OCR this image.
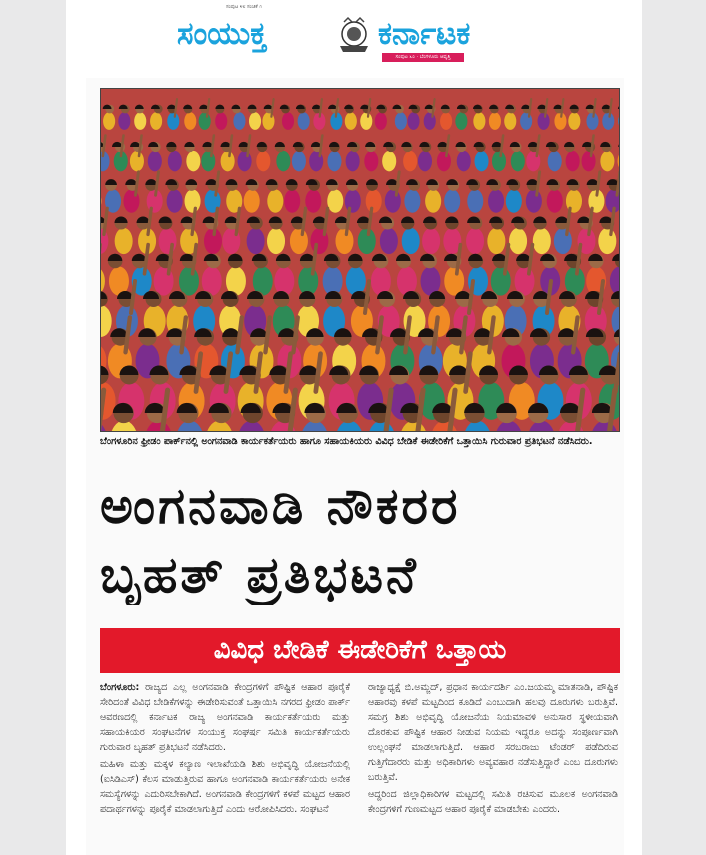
ಸಂಪುಟ ೪೮ ಸಂಚಿಕೆ ೧
ಸಂಯುಕ್ತ	ಕರ್ನಾಟಕ
ಸಂಪುಟ ೬೦ · ಬೆಂಗಳೂರು ಆವೃತ್ತಿ
ಬೆಂಗಳೂರಿನ ಫ್ರೀಡಂ ಪಾರ್ಕ್‌ನಲ್ಲಿ ಅಂಗನವಾಡಿ ಕಾರ್ಯಕರ್ತೆಯರು ಹಾಗೂ ಸಹಾಯಕಿಯರು ವಿವಿಧ ಬೇಡಿಕೆ ಈಡೇರಿಕೆಗೆ ಒತ್ತಾಯಿಸಿ ಗುರುವಾರ ಪ್ರತಿಭಟನೆ ನಡೆಸಿದರು.
ಅಂಗನವಾಡಿ ನೌಕರರ
ಬೃಹತ್ ಪ್ರತಿಭಟನೆ
ವಿವಿಧ ಬೇಡಿಕೆ ಈಡೇರಿಕೆಗೆ ಒತ್ತಾಯ

ಬೆಂಗಳೂರು: ರಾಜ್ಯದ ಎಲ್ಲ ಅಂಗನವಾಡಿ ಕೇಂದ್ರಗಳಿಗೆ ಪೌಷ್ಟಿಕ ಆಹಾರ ಪೂರೈಕೆ ಸೇರಿದಂತೆ ವಿವಿಧ ಬೇಡಿಕೆಗಳನ್ನು ಈಡೇರಿಸುವಂತೆ ಒತ್ತಾಯಿಸಿ ನಗರದ ಫ್ರೀಡಂ ಪಾರ್ಕ್ ಆವರಣದಲ್ಲಿ ಕರ್ನಾಟಕ ರಾಜ್ಯ ಅಂಗನವಾಡಿ ಕಾರ್ಯಕರ್ತೆಯರು ಮತ್ತು ಸಹಾಯಕಿಯರ ಸಂಘಟನೆಗಳ ಸಂಯುಕ್ತ ಸಂಘರ್ಷ ಸಮಿತಿ ಕಾರ್ಯಕರ್ತೆಯರು ಗುರುವಾರ ಬೃಹತ್ ಪ್ರತಿಭಟನೆ ನಡೆಸಿದರು.

ಮಹಿಳಾ ಮತ್ತು ಮಕ್ಕಳ ಕಲ್ಯಾಣ ಇಲಾಖೆಯಡಿ ಶಿಶು ಅಭಿವೃದ್ಧಿ ಯೋಜನೆಯಲ್ಲಿ (ಐಸಿಡಿಎಸ್) ಕೆಲಸ ಮಾಡುತ್ತಿರುವ ಹಾಗೂ ಅಂಗನವಾಡಿ ಕಾರ್ಯಕರ್ತೆಯರು ಅನೇಕ ಸಮಸ್ಯೆಗಳನ್ನು ಎದುರಿಸಬೇಕಾಗಿದೆ. ಅಂಗನವಾಡಿ ಕೇಂದ್ರಗಳಿಗೆ ಕಳಪೆ ಮಟ್ಟದ ಆಹಾರ ಪದಾರ್ಥಗಳನ್ನು ಪೂರೈಕೆ ಮಾಡಲಾಗುತ್ತಿದೆ ಎಂದು ಆರೋಪಿಸಿದರು. ಸಂಘಟನೆ

ರಾಜ್ಯಾಧ್ಯಕ್ಷೆ ಬಿ.ಅಮ್ಜದ್, ಪ್ರಧಾನ ಕಾರ್ಯದರ್ಶಿ ಎಂ.ಜಯಮ್ಮ ಮಾತನಾಡಿ, ಪೌಷ್ಟಿಕ ಆಹಾರವು ಕಳಪೆ ಮಟ್ಟದಿಂದ ಕೂಡಿದೆ ಎಂಬುದಾಗಿ ಹಲವು ದೂರುಗಳು ಬರುತ್ತಿವೆ. ಸಮಗ್ರ ಶಿಶು ಅಭಿವೃದ್ಧಿ ಯೋಜನೆಯ ನಿಯಮಾವಳಿ ಅನುಸಾರ ಸ್ಥಳೀಯವಾಗಿ ದೊರಕುವ ಪೌಷ್ಟಿಕ ಆಹಾರ ನೀಡುವ ನಿಯಮ ಇದ್ದರೂ ಅದನ್ನು ಸಂಪೂರ್ಣವಾಗಿ ಉಲ್ಲಂಘನೆ ಮಾಡಲಾಗುತ್ತಿದೆ. ಆಹಾರ ಸರಬರಾಜು ಟೆಂಡರ್ ಪಡೆದಿರುವ ಗುತ್ತಿಗೆದಾರರು ಮತ್ತು ಅಧಿಕಾರಿಗಳು ಅವ್ಯವಹಾರ ನಡೆಸುತ್ತಿದ್ದಾರೆ ಎಂಬ ದೂರುಗಳು ಬರುತ್ತಿವೆ.

ಆದ್ದರಿಂದ ಜಿಲ್ಲಾಧಿಕಾರಿಗಳ ಮಟ್ಟದಲ್ಲಿ ಸಮಿತಿ ರಚಿಸುವ ಮೂಲಕ ಅಂಗನವಾಡಿ ಕೇಂದ್ರಗಳಿಗೆ ಗುಣಮಟ್ಟದ ಆಹಾರ ಪೂರೈಕೆ ಮಾಡಬೇಕು ಎಂದರು.
